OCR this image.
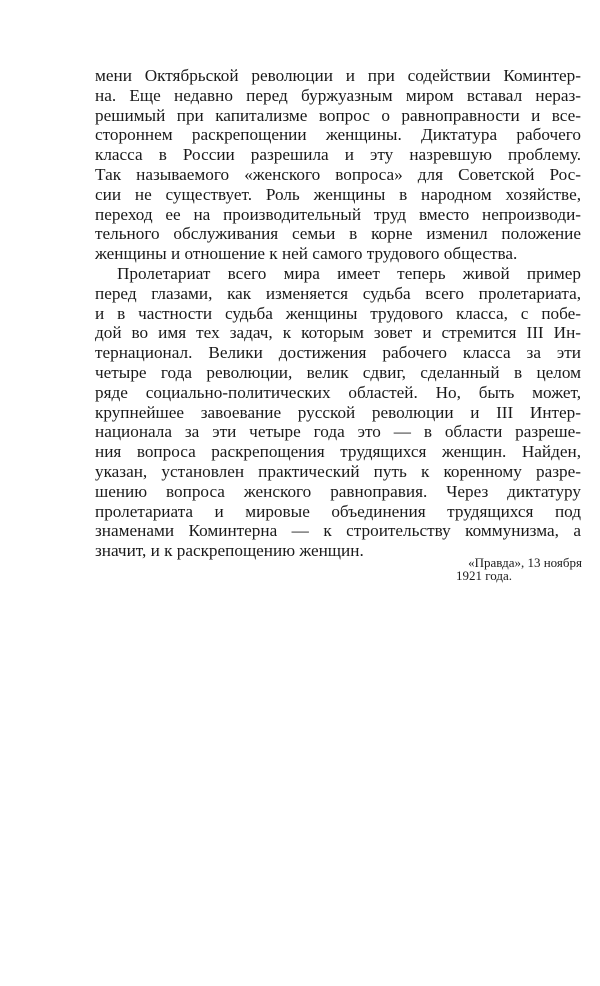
мени Октябрьской революции и при содействии Коминтер-
на. Еще недавно перед буржуазным миром вставал нераз-
решимый при капитализме вопрос о равноправности и все-
стороннем раскрепощении женщины. Диктатура рабочего
класса в России разрешила и эту назревшую проблему.
Так называемого «женского вопроса» для Советской Рос-
сии не существует. Роль женщины в народном хозяйстве,
переход ее на производительный труд вместо непроизводи-
тельного обслуживания семьи в корне изменил положение
женщины и отношение к ней самого трудового общества.
Пролетариат всего мира имеет теперь живой пример
перед глазами, как изменяется судьба всего пролетариата,
и в частности судьба женщины трудового класса, с побе-
дой во имя тех задач, к которым зовет и стремится III Ин-
тернационал. Велики достижения рабочего класса за эти
четыре года революции, велик сдвиг, сделанный в целом
ряде социально-политических областей. Но, быть может,
крупнейшее завоевание русской революции и III Интер-
национала за эти четыре года это — в области разреше-
ния вопроса раскрепощения трудящихся женщин. Найден,
указан, установлен практический путь к коренному разре-
шению вопроса женского равноправия. Через диктатуру
пролетариата и мировые объединения трудящихся под
знаменами Коминтерна — к строительству коммунизма, а
значит, и к раскрепощению женщин.
«Правда», 13 ноября
1921 года.
